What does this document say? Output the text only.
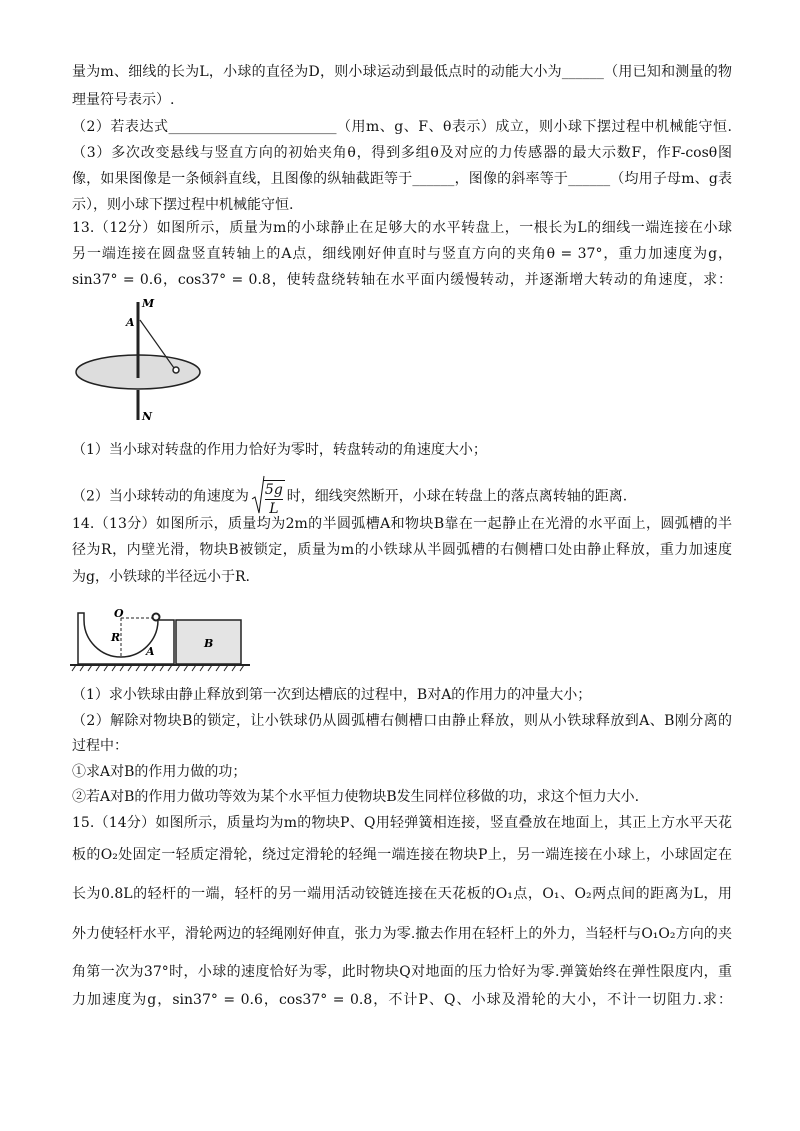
量为m、细线的长为L，小球的直径为D，则小球运动到最低点时的动能大小为______（用已知和测量的物
理量符号表示）.
（2）若表达式________________________（用m、g、F、θ表示）成立，则小球下摆过程中机械能守恒.
（3）多次改变悬线与竖直方向的初始夹角θ，得到多组θ及对应的力传感器的最大示数F，作F-cosθ图
像，如果图像是一条倾斜直线，且图像的纵轴截距等于______，图像的斜率等于______（均用子母m、g表
示），则小球下摆过程中机械能守恒.
13.（12分）如图所示，质量为m的小球静止在足够大的水平转盘上，一根长为L的细线一端连接在小球
另一端连接在圆盘竖直转轴上的A点，细线刚好伸直时与竖直方向的夹角θ = 37°，重力加速度为g，
sin37° = 0.6，cos37° = 0.8，使转盘绕转轴在水平面内缓慢转动，并逐渐增大转动的角速度，求：
M
A
N
（1）当小球对转盘的作用力恰好为零时，转盘转动的角速度大小；
（2）当小球转动的角速度为 $\frac{5g}{L}$ 时，细线突然断开，小球在转盘上的落点离转轴的距离.
14.（13分）如图所示，质量均为2m的半圆弧槽A和物块B靠在一起静止在光滑的水平面上，圆弧槽的半
径为R，内壁光滑，物块B被锁定，质量为m的小铁球从半圆弧槽的右侧槽口处由静止释放，重力加速度
为g，小铁球的半径远小于R.
O
R
A
B
（1）求小铁球由静止释放到第一次到达槽底的过程中，B对A的作用力的冲量大小；
（2）解除对物块B的锁定，让小铁球仍从圆弧槽右侧槽口由静止释放，则从小铁球释放到A、B刚分离的
过程中：
①求A对B的作用力做的功；
②若A对B的作用力做功等效为某个水平恒力使物块B发生同样位移做的功，求这个恒力大小.
15.（14分）如图所示，质量均为m的物块P、Q用轻弹簧相连接，竖直叠放在地面上，其正上方水平天花
板的O₂处固定一轻质定滑轮，绕过定滑轮的轻绳一端连接在物块P上，另一端连接在小球上，小球固定在
长为0.8L的轻杆的一端，轻杆的另一端用活动铰链连接在天花板的O₁点，O₁、O₂两点间的距离为L，用
外力使轻杆水平，滑轮两边的轻绳刚好伸直，张力为零.撤去作用在轻杆上的外力，当轻杆与O₁O₂方向的夹
角第一次为37°时，小球的速度恰好为零，此时物块Q对地面的压力恰好为零.弹簧始终在弹性限度内，重
力加速度为g，sin37° = 0.6，cos37° = 0.8，不计P、Q、小球及滑轮的大小，不计一切阻力.求：
